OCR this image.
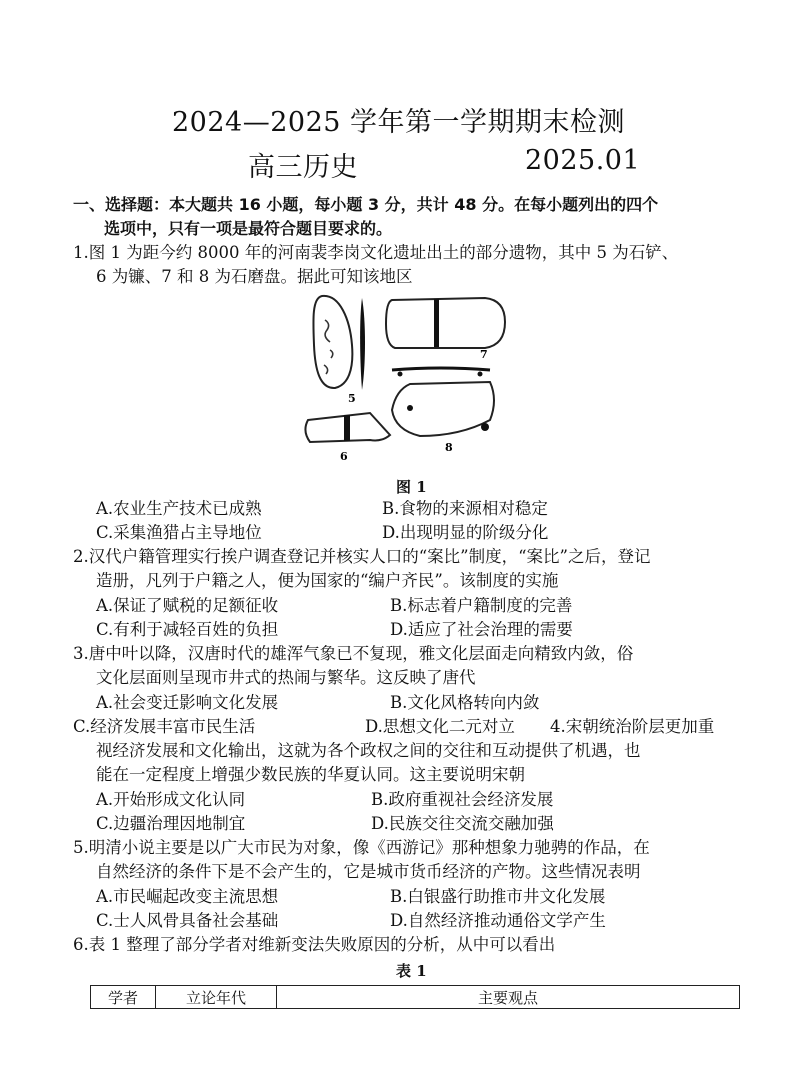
2024—2025 学年第一学期期末检测
高三历史	2025.01
一、选择题：本大题共 16 小题，每小题 3 分，共计 48 分。在每小题列出的四个
选项中，只有一项是最符合题目要求的。
1.图 1 为距今约 8000 年的河南裴李岗文化遗址出土的部分遗物，其中 5 为石铲、
6 为镰、7 和 8 为石磨盘。据此可知该地区
5
7
8
6
图 1
A.农业生产技术已成熟	B.食物的来源相对稳定
C.采集渔猎占主导地位	D.出现明显的阶级分化
2.汉代户籍管理实行挨户调查登记并核实人口的“案比”制度，“案比”之后，登记
造册，凡列于户籍之人，便为国家的“编户齐民”。该制度的实施
A.保证了赋税的足额征收	B.标志着户籍制度的完善
C.有利于减轻百姓的负担	D.适应了社会治理的需要
3.唐中叶以降，汉唐时代的雄浑气象已不复现，雅文化层面走向精致内敛，俗
文化层面则呈现市井式的热闹与繁华。这反映了唐代
A.社会变迁影响文化发展	B.文化风格转向内敛
C.经济发展丰富市民生活	D.思想文化二元对立 4.宋朝统治阶层更加重
视经济发展和文化输出，这就为各个政权之间的交往和互动提供了机遇，也
能在一定程度上增强少数民族的华夏认同。这主要说明宋朝
A.开始形成文化认同	B.政府重视社会经济发展
C.边疆治理因地制宜	D.民族交往交流交融加强
5.明清小说主要是以广大市民为对象，像《西游记》那种想象力驰骋的作品，在
自然经济的条件下是不会产生的，它是城市货币经济的产物。这些情况表明
A.市民崛起改变主流思想	B.白银盛行助推市井文化发展
C.士人风骨具备社会基础	D.自然经济推动通俗文学产生
6.表 1 整理了部分学者对维新变法失败原因的分析，从中可以看出
表 1
学者	立论年代	主要观点
